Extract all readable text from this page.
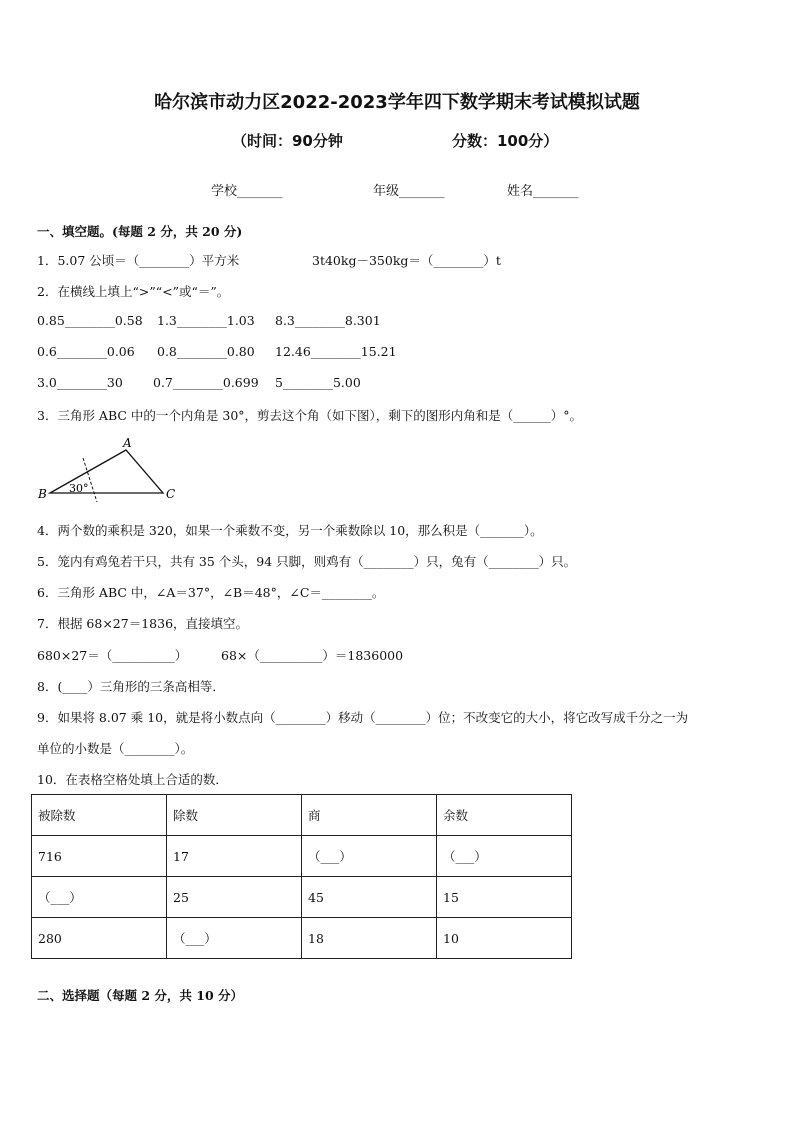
哈尔滨市动力区2022-2023学年四下数学期末考试模拟试题
（时间：90分钟	分数：100分）
学校_______	年级_______	姓名_______
一、填空题。(每题 2 分，共 20 分)
1．5.07 公顷＝（________）平方米	3t40kg－350kg＝（________）t
2．在横线上填上“>”“<”或“＝”。
0.85________0.58 1.3________1.03 8.3________8.301
0.6________0.06 0.8________0.80 12.46________15.21
3.0________30 0.7________0.699 5________5.00
3．三角形 ABC 中的一个内角是 30°，剪去这个角（如下图），剩下的图形内角和是（______）°。
A
B	C
30°
4．两个数的乘积是 320，如果一个乘数不变，另一个乘数除以 10，那么积是（_______）。
5．笼内有鸡兔若干只，共有 35 个头，94 只脚，则鸡有（________）只，兔有（________）只。
6．三角形 ABC 中，∠A＝37°，∠B＝48°，∠C＝________。
7．根据 68×27＝1836，直接填空。
680×27＝（__________）	68×（__________）＝1836000
8．(____）三角形的三条高相等．
9．如果将 8.07 乘 10，就是将小数点向（________）移动（________）位；不改变它的大小，将它改写成千分之一为
单位的小数是（________）。
10．在表格空格处填上合适的数．
被除数	除数	商	余数
716	17	（___）	（___）
（___）	25	45	15
280	（___）	18	10
二、选择题（每题 2 分，共 10 分）
